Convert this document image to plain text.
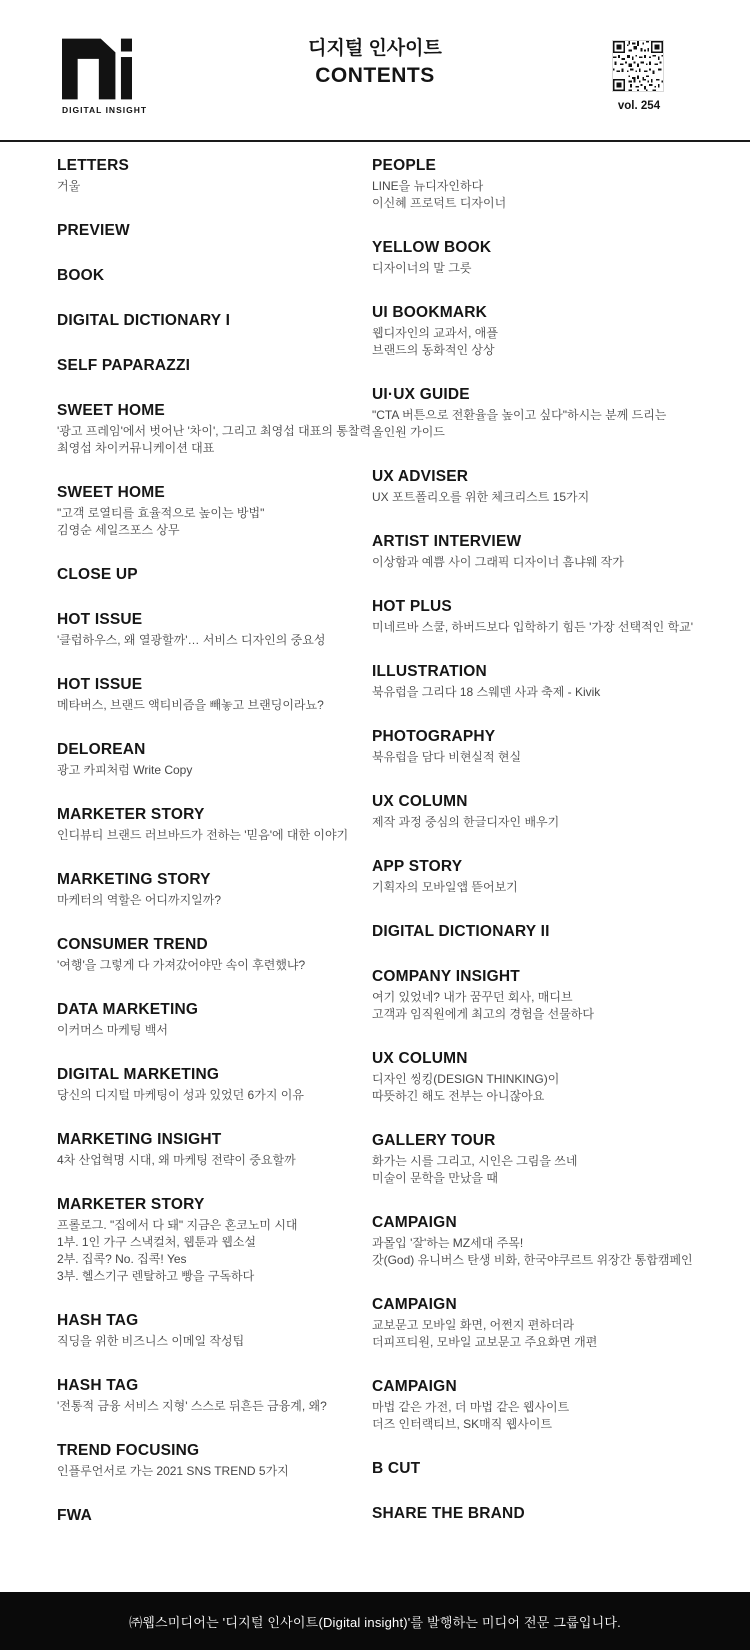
DIGITAL INSIGHT
디지털 인사이트
CONTENTS
vol. 254
LETTERS
거울
PREVIEW
BOOK
DIGITAL DICTIONARY I
SELF PAPARAZZI
SWEET HOME
'광고 프레임'에서 벗어난 '차이', 그리고 최영섭 대표의 통찰력
최영섭 차이커뮤니케이션 대표
SWEET HOME
"고객 로열티를 효율적으로 높이는 방법"
김영순 세일즈포스 상무
CLOSE UP
HOT ISSUE
'클럽하우스, 왜 열광할까'… 서비스 디자인의 중요성
HOT ISSUE
메타버스, 브랜드 액티비즘을 빼놓고 브랜딩이라뇨?
DELOREAN
광고 카피처럼 Write Copy
MARKETER STORY
인디뷰티 브랜드 러브바드가 전하는 '믿음'에 대한 이야기
MARKETING STORY
마케터의 역할은 어디까지일까?
CONSUMER TREND
'여행'을 그렇게 다 가져갔어야만 속이 후련했냐?
DATA MARKETING
이커머스 마케팅 백서
DIGITAL MARKETING
당신의 디지털 마케팅이 성과 있었던 6가지 이유
MARKETING INSIGHT
4차 산업혁명 시대, 왜 마케팅 전략이 중요할까
MARKETER STORY
프롤로그. "집에서 다 돼" 지금은 혼코노미 시대
1부. 1인 가구 스낵컬처, 웹툰과 웹소설
2부. 집콕? No. 집콕! Yes
3부. 헬스기구 렌탈하고 빵을 구독하다
HASH TAG
직딩을 위한 비즈니스 이메일 작성팁
HASH TAG
'전통적 금융 서비스 지형' 스스로 뒤흔든 금융계, 왜?
TREND FOCUSING
인플루언서로 가는 2021 SNS TREND 5가지
FWA
PEOPLE
LINE을 뉴디자인하다
이신혜 프로덕트 디자이너
YELLOW BOOK
디자이너의 말 그릇
UI BOOKMARK
웹디자인의 교과서, 애플
브랜드의 동화적인 상상
UI·UX GUIDE
"CTA 버튼으로 전환율을 높이고 싶다"하시는 분께 드리는
올인원 가이드
UX ADVISER
UX 포트폴리오를 위한 체크리스트 15가지
ARTIST INTERVIEW
이상함과 예쁨 사이 그래픽 디자이너 흠냐웨 작가
HOT PLUS
미네르바 스쿨, 하버드보다 입학하기 힘든 '가장 선택적인 학교'
ILLUSTRATION
북유럽을 그리다 18 스웨덴 사과 축제 - Kivik
PHOTOGRAPHY
북유럽을 담다 비현실적 현실
UX COLUMN
제작 과정 중심의 한글디자인 배우기
APP STORY
기획자의 모바일앱 뜯어보기
DIGITAL DICTIONARY II
COMPANY INSIGHT
여기 있었네? 내가 꿈꾸던 회사, 매디브
고객과 임직원에게 최고의 경험을 선물하다
UX COLUMN
디자인 씽킹(DESIGN THINKING)이
따뜻하긴 해도 전부는 아니잖아요
GALLERY TOUR
화가는 시를 그리고, 시인은 그림을 쓰네
미술이 문학을 만났을 때
CAMPAIGN
과몰입 '잘'하는 MZ세대 주목!
갓(God) 유니버스 탄생 비화, 한국야쿠르트 위장간 통합캠페인
CAMPAIGN
교보문고 모바일 화면, 어쩐지 편하더라
더피프티원, 모바일 교보문고 주요화면 개편
CAMPAIGN
마법 같은 가전, 더 마법 같은 웹사이트
더즈 인터랙티브, SK매직 웹사이트
B CUT
SHARE THE BRAND
㈜웹스미디어는 '디지털 인사이트(Digital insight)'를 발행하는 미디어 전문 그룹입니다.
